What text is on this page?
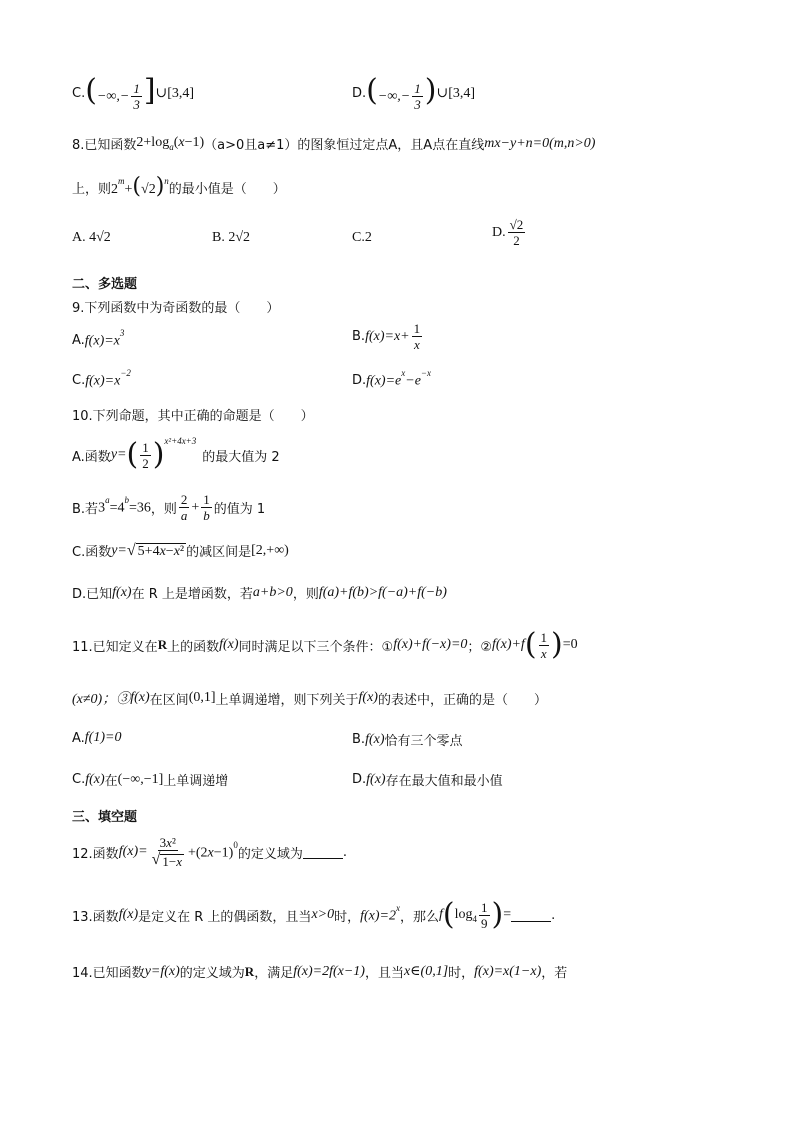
C. (−∞,− $\frac{1}{3}$ ] ∪[3,4]	D. (−∞,− $\frac{1}{3}$ ) ∪[3,4]
8.已知函数 $2+\log_a(x-1)$ （a>0且a≠1）的图象恒过定点A，且A点在直线 mx−y+n=0(m,n>0)
上，则 $2^m+(√2)^n$
的最小值是（　　）
A. 4√2	B. 2√2	C.2	D. √2
2
二、多选题
9.下列函数中为奇函数的最（　　）
A. $f(x)=x^3$	B. $f(x)=x+ \frac{1}{x}$
C. $f(x)=x^{-2}$	D. $f(x)=e^x-e^{-x}$
10.下列命题，其中正确的命题是（　　）
A.函数 y= ( 1
2 ) x²+4x+3
的最大值为 2
B.若 $3^a=4^b=36$ ，则
2
a
+ $\frac{1}{b}$ 的值为 1
C.函数 y= √ 5+4x−x² 的减区间是 [2,+∞)
D.已知 f(x) 在 R 上是增函数，若 a+b>0 ，则 f(a)+f(b)>f(−a)+f(−b)
11.已知定义在 R 上的函数 f(x) 同时满足以下三个条件：① f(x)+f(−x)=0 ；② f(x)+f ( 1
x ) =0
(x≠0)；③ f(x) 在区间 (0,1] 上单调递增，则下列关于 f(x) 的表述中，正确的是（　　）
A. f(1)=0	B. f(x) 恰有三个零点
C. f(x) 在 (−∞,−1] 上单调递增	D. f(x) 存在最大值和最小值
三、填空题
12.函数 $f(x)= \frac{\text{3x²}}{√ 1-x} +(2x-1)^0$
的定义域为	.
13.函数 f(x) 是定义在 R 上的偶函数，且当 x>0 时， $f(x)=2^x$
，那么 f ( $\log_4$
1
9 ) =	.
14.已知函数 y=f(x) 的定义域为 R ，满足 f(x)=2f(x−1) ，且当 x∈(0,1] 时， f(x)=x(1−x) ，若
